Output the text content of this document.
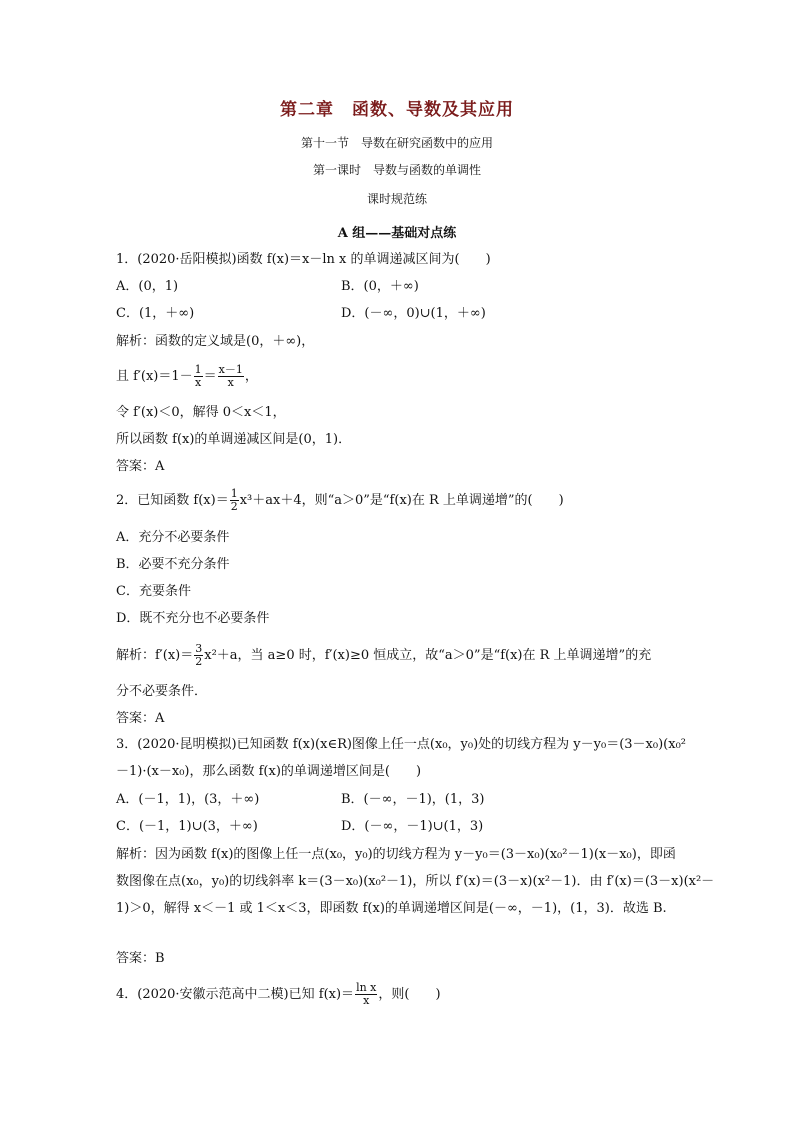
第二章　函数、导数及其应用
第十一节　导数在研究函数中的应用
第一课时　导数与函数的单调性
课时规范练
A 组——基础对点练
1．(2020·岳阳模拟)函数 f(x)＝x－ln x 的单调递减区间为(　　)
A．(0，1)	B．(0，＋∞)
C．(1，＋∞)	D．(－∞，0)∪(1，＋∞)
解析：函数的定义域是(0，＋∞)，
且 $f'(x)=1- \frac{1}{x} = \frac{x-1}{x}$ ，
令 f′(x)＜0，解得 0＜x＜1，
所以函数 f(x)的单调递减区间是(0，1)．
答案：A
2．已知函数 $f(x)= \frac{1}{2} x^3+ax+4$，则“a＞0”是“f(x)在 R 上单调递增”的(　　)
A．充分不必要条件
B．必要不充分条件
C．充要条件
D．既不充分也不必要条件
解析：$f'(x)= \frac{3}{2} x^2+a$，当 a≥0 时，f′(x)≥0 恒成立，故“a＞0”是“f(x)在 R 上单调递增”的充
分不必要条件．
答案：A
3．(2020·昆明模拟)已知函数 f(x)(x∈R)图像上任一点(x₀，y₀)处的切线方程为 y－y₀＝(3－x₀)(x₀²
－1)·(x－x₀)，那么函数 f(x)的单调递增区间是(　　)
A．(－1，1)，(3，＋∞)	B．(－∞，－1)，(1，3)
C．(－1，1)∪(3，＋∞)	D．(－∞，－1)∪(1，3)
解析：因为函数 f(x)的图像上任一点(x₀，y₀)的切线方程为 y－y₀＝(3－x₀)(x₀²－1)(x－x₀)，即函
数图像在点(x₀，y₀)的切线斜率 k＝(3－x₀)(x₀²－1)，所以 f′(x)＝(3－x)(x²－1)．由 f′(x)＝(3－x)(x²－
1)＞0，解得 x＜－1 或 1＜x＜3，即函数 f(x)的单调递增区间是(－∞，－1)，(1，3)．故选 B.
答案：B
4．(2020·安徽示范高中二模)已知 $f(x)= \frac{\text{ln x}}{x}$ ，则(　　)
